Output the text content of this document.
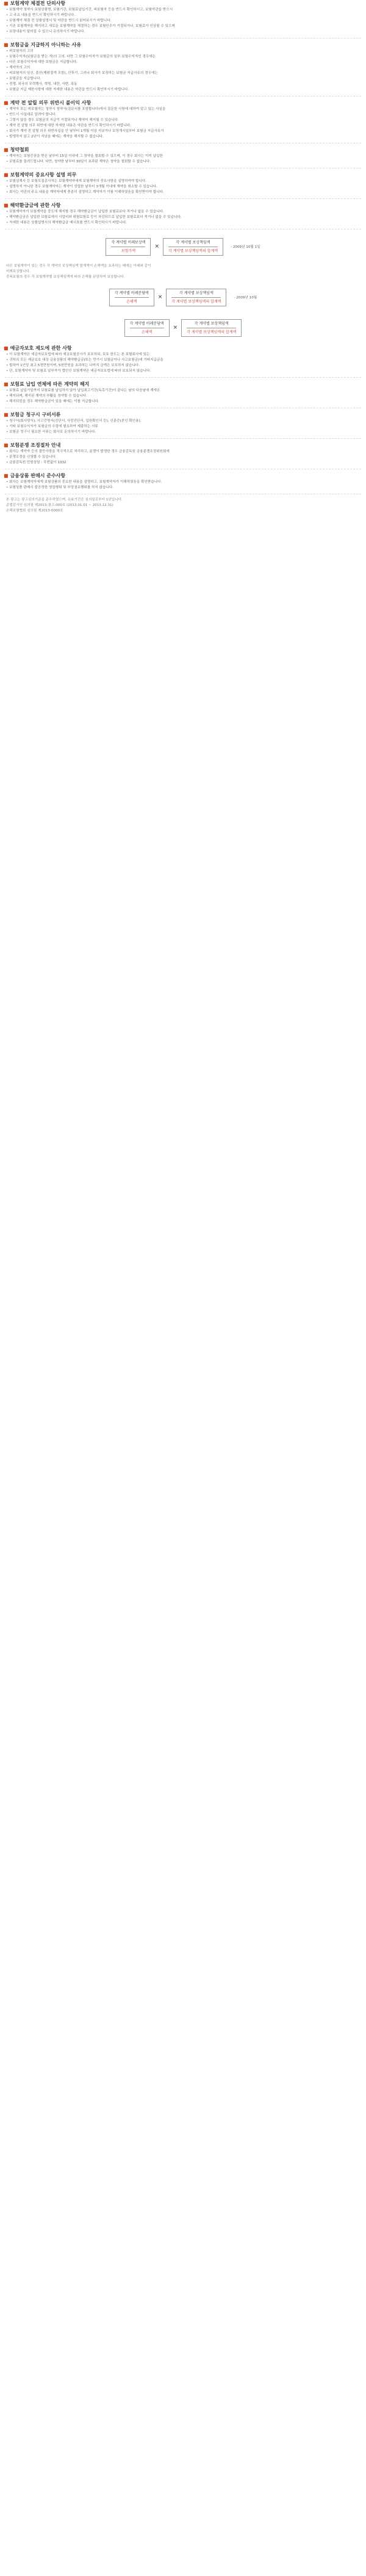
■ 보험계약 체결전 단의사항
• 보험계약 청약시 보험상품명, 보험기간, 보험료납입기간, 피보험자 등을 반드시 확인하시고, 보험약관을 받으시
• 고 주요 내용을 반드시 확인하시기 바랍니다.
• 보험계약 체결 전 상품설명서 및 약관을 반드시 읽어보시기 바랍니다.
• 기존 보험계약을 해지하고 새로운 보험계약을 체결하는 경우 보험인수가 거절되거나, 보험료가 인상될 수 있으며
• 보장내용이 달라질 수 있으니 유의하시기 바랍니다.
■ 보험금을 지급하지 아니하는 사유
• 피보험자의 고의
• 보험수익자(보험금을 받는 자)의 고의. 다만 그 보험수익자가 보험금의 일부 보험수익자인 경우에는
• 다른 보험수익자에 대한 보험금은 지급합니다.
• 계약자의 고의
• 피보험자의 임신, 출산(제왕절개 포함), 산후기. 그러나 회사가 보장하는 보험금 지급사유의 경우에는
• 보험금을 지급합니다.
• 전쟁, 외국의 무력행사, 혁명, 내란, 사변, 폭동
• 보험금 지급 제한사항에 대한 자세한 내용은 약관을 반드시 확인하시기 바랍니다.
■ 계약 전 알릴 의무 위반시 불이익 사항
• 계약자 또는 피보험자는 청약시 청약서(질문서를 포함합니다)에서 질문한 사항에 대하여 알고 있는 사실을
• 반드시 사실대로 알려야 합니다.
• 그렇지 않을 경우 보험금의 지급이 거절되거나 계약이 해지될 수 있습니다.
• 계약 전 알릴 의무 위반에 대한 자세한 내용은 약관을 반드시 확인하시기 바랍니다.
• 회사가 계약 전 알릴 의무 위반사실을 안 날부터 1개월 이상 지났거나 보장개시일부터 보험금 지급사유가
• 발생하지 않고 2년이 지났을 때에는 계약을 해지할 수 없습니다.
■ 청약철회
• 계약자는 보험증권을 받은 날부터 15일 이내에 그 청약을 철회할 수 있으며, 이 경우 회사는 이미 납입한
• 보험료를 돌려드립니다. 다만, 청약한 날부터 30일이 초과된 계약은 청약을 철회할 수 없습니다.
■ 보험계약의 중요사항 설명 의무
• 보험설계사 등 보험모집종사자는 보험계약자에게 보험계약의 중요사항을 설명하여야 합니다.
• 설명하지 아니한 경우 보험계약자는 계약이 성립한 날부터 3개월 이내에 계약을 취소할 수 있습니다.
• 회사는 약관의 주요 내용을 계약자에게 충분히 설명하고 계약자가 이를 이해하였음을 확인받아야 합니다.
■ 해약환급금에 관한 사항
• 보험계약자가 보험계약을 중도에 해지할 경우 해약환급금이 납입한 보험료보다 적거나 없을 수 있습니다.
• 해약환급금은 납입한 보험료에서 사업비와 위험보험료 등이 차감되므로 납입한 보험료보다 적거나 없을 수 있습니다.
• 자세한 내용은 상품설명서의 해약환급금 예시표를 반드시 확인하시기 바랍니다.
각 계약별 비례보상액
보험가액
×
각 계약별 보상책임액
각 계약별 보상책임액의 합계액
- 2009년 10월 1일
다른 보험계약이 있는 경우 각 계약의 보상책임액 합계액이 손해액을 초과하는 때에는 아래와 같이
비례보상합니다.
중복보험의 경우 각 보험계약별 보상책임액에 따라 손해를 분담하여 보상합니다.
각 계약별 비례분담액
손해액
×
각 계약별 보상책임액
각 계약별 보상책임액의 합계액
- 2009년 10월
각 계약별 비례분담액
손해액
×
각 계약별 보상책임액
각 계약별 보상책임액의 합계액
■ 예금자보호 제도에 관한 사항
• 이 보험계약은 예금자보호법에 따라 예금보험공사가 보호하되, 보호 한도는 본 보험회사에 있는
• 귀하의 모든 예금보호 대상 금융상품의 해약환급금(또는 만기시 보험금이나 사고보험금)에 기타지급금을
• 합하여 1인당 최고 5천만원이며, 5천만원을 초과하는 나머지 금액은 보호하지 않습니다.
• 단, 보험계약자 및 보험료 납부자가 법인인 보험계약은 예금자보호법에 따라 보호되지 않습니다.
■ 보험료 납입 연체에 따른 계약의 해지
• 보험료 납입기일까지 보험료를 납입하지 않아 납입최고기간(독촉기간)이 끝나는 날의 다음날에 계약은
• 해지되며, 해지된 계약의 부활을 청약할 수 있습니다.
• 해지되었을 경우 해약환급금이 있을 때에는 이를 지급합니다.
■ 보험금 청구시 구비서류
• 청구서(회사양식), 사고증명서(진단서, 사망진단서, 입원확인서 등), 신분증(본인 확인용),
• 기타 보험수익자가 보험금의 수령에 필요하여 제출하는 서류
• 보험금 청구시 필요한 서류는 회사로 문의하시기 바랍니다.
■ 보험분쟁 조정절차 안내
• 회사는 계약자 등의 불만사항을 적극적으로 처리하고, 분쟁이 발생한 경우 금융감독원 금융분쟁조정위원회에
• 분쟁조정을 신청할 수 있습니다.
• 금융감독원 민원상담 : 국번없이 1332
■ 금융상품 판매시 준수사항
• 회사는 보험계약자에게 보험상품의 중요한 내용을 설명하고, 보험계약자가 이해하였음을 확인받습니다.
• 보험상품 판매시 불공정한 영업행위 및 부당권유행위를 하지 않습니다.
본 광고는 광고심의기준을 준수하였으며, 유효기간은 심의일로부터 1년입니다.
준법감시인 심의필 제2013-광고-000호 (2013.01.01 ~ 2013.12.31)
손해보험협회 심의필 제2013-0000호
